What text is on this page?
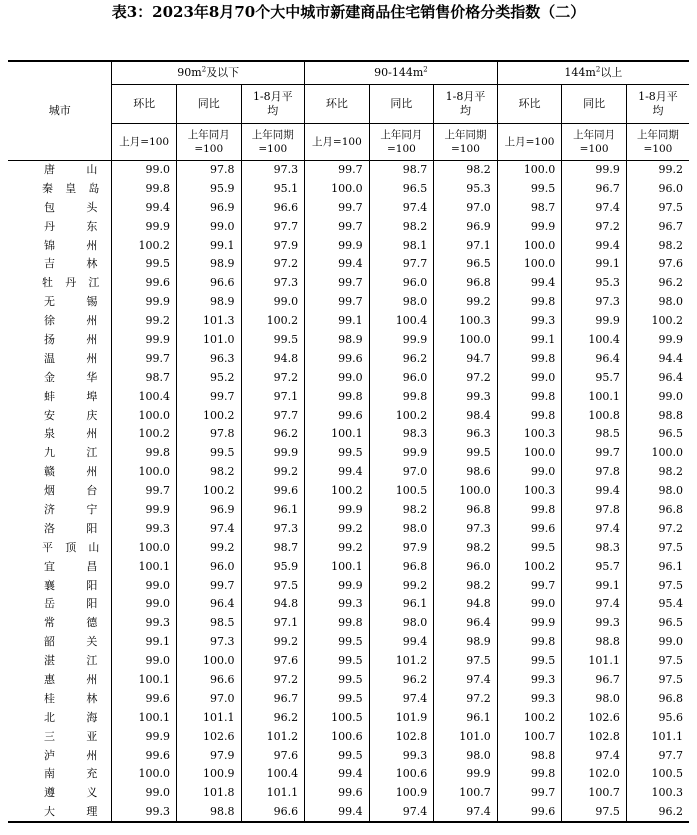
表3：2023年8月70个大中城市新建商品住宅销售价格分类指数（二）
城市	$90m^2$及以下			$90-144m^2$			$144m^2$以上		
	环比	同比	1-8月平均	环比	同比	1-8月平均	环比	同比	1-8月平均
	上月=100	上年同月=100	上年同期=100	上月=100	上年同月=100	上年同期=100	上月=100	上年同月=100	上年同期=100

唐 山	99.0	97.8	97.3	99.7	98.7	98.2	100.0	99.9	99.2

秦 皇 岛	99.8	95.9	95.1	100.0	96.5	95.3	99.5	96.7	96.0

包 头	99.4	96.9	96.6	99.7	97.4	97.0	98.7	97.4	97.5

丹 东	99.9	99.0	97.7	99.7	98.2	96.9	99.9	97.2	96.7

锦 州	100.2	99.1	97.9	99.9	98.1	97.1	100.0	99.4	98.2

吉 林	99.5	98.9	97.2	99.4	97.7	96.5	100.0	99.1	97.6

牡 丹 江	99.6	96.6	97.3	99.7	96.0	96.8	99.4	95.3	96.2

无 锡	99.9	98.9	99.0	99.7	98.0	99.2	99.8	97.3	98.0

徐 州	99.2	101.3	100.2	99.1	100.4	100.3	99.3	99.9	100.2

扬 州	99.9	101.0	99.5	98.9	99.9	100.0	99.1	100.4	99.9

温 州	99.7	96.3	94.8	99.6	96.2	94.7	99.8	96.4	94.4

金 华	98.7	95.2	97.2	99.0	96.0	97.2	99.0	95.7	96.4

蚌 埠	100.4	99.7	97.1	99.8	99.8	99.3	99.8	100.1	99.0

安 庆	100.0	100.2	97.7	99.6	100.2	98.4	99.8	100.8	98.8

泉 州	100.2	97.8	96.2	100.1	98.3	96.3	100.3	98.5	96.5

九 江	99.8	99.5	99.9	99.5	99.9	99.5	100.0	99.7	100.0

赣 州	100.0	98.2	99.2	99.4	97.0	98.6	99.0	97.8	98.2

烟 台	99.7	100.2	99.6	100.2	100.5	100.0	100.3	99.4	98.0

济 宁	99.9	96.9	96.1	99.9	98.2	96.8	99.8	97.8	96.8

洛 阳	99.3	97.4	97.3	99.2	98.0	97.3	99.6	97.4	97.2

平 顶 山	100.0	99.2	98.7	99.2	97.9	98.2	99.5	98.3	97.5

宜 昌	100.1	96.0	95.9	100.1	96.8	96.0	100.2	95.7	96.1

襄 阳	99.0	99.7	97.5	99.9	99.2	98.2	99.7	99.1	97.5

岳 阳	99.0	96.4	94.8	99.3	96.1	94.8	99.0	97.4	95.4

常 德	99.3	98.5	97.1	99.8	98.0	96.4	99.9	99.3	96.5

韶 关	99.1	97.3	99.2	99.5	99.4	98.9	99.8	98.8	99.0

湛 江	99.0	100.0	97.6	99.5	101.2	97.5	99.5	101.1	97.5

惠 州	100.1	96.6	97.2	99.5	96.2	97.4	99.3	96.7	97.5

桂 林	99.6	97.0	96.7	99.5	97.4	97.2	99.3	98.0	96.8

北 海	100.1	101.1	96.2	100.5	101.9	96.1	100.2	102.6	95.6

三 亚	99.9	102.6	101.2	100.6	102.8	101.0	100.7	102.8	101.1

泸 州	99.6	97.9	97.6	99.5	99.3	98.0	98.8	97.4	97.7

南 充	100.0	100.9	100.4	99.4	100.6	99.9	99.8	102.0	100.5

遵 义	99.0	101.8	101.1	99.6	100.9	100.7	99.7	100.7	100.3

大 理	99.3	98.8	96.6	99.4	97.4	97.4	99.6	97.5	96.2
